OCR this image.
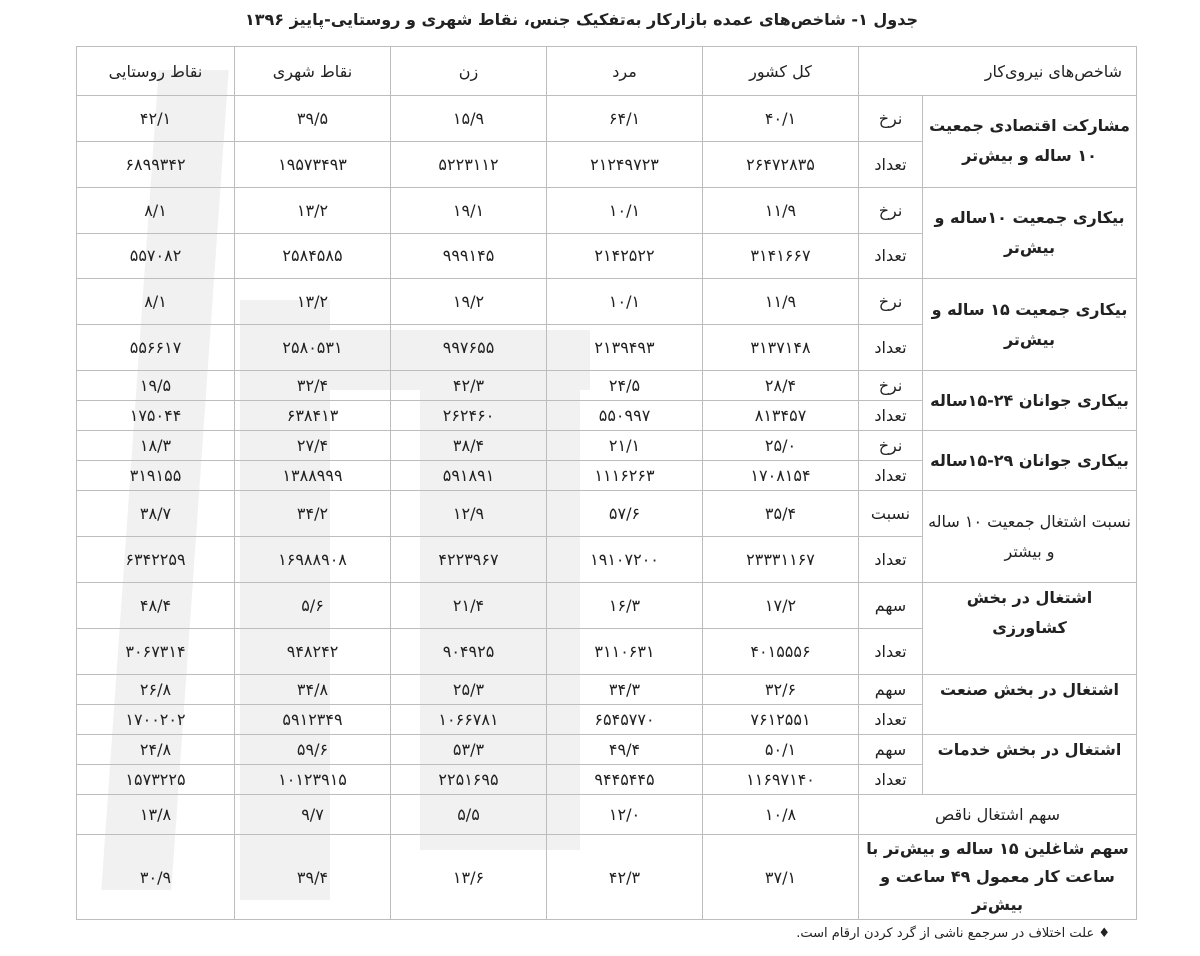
جدول ۱- شاخص‌های عمده بازارکار به‌تفکیک جنس، نقاط شهری و روستایی-پاییز ۱۳۹۶
شاخص‌های نیروی‌کار		کل کشور	مرد	زن	نقاط شهری	نقاط روستایی
مشارکت اقتصادی جمعیت ۱۰ ساله و بیش‌تر	نرخ	۴۰/۱	۶۴/۱	۱۵/۹	۳۹/۵	۴۲/۱
	تعداد	۲۶۴۷۲۸۳۵	۲۱۲۴۹۷۲۳	۵۲۲۳۱۱۲	۱۹۵۷۳۴۹۳	۶۸۹۹۳۴۲
بیکاری جمعیت ۱۰ساله و بیش‌تر	نرخ	۱۱/۹	۱۰/۱	۱۹/۱	۱۳/۲	۸/۱
	تعداد	۳۱۴۱۶۶۷	۲۱۴۲۵۲۲	۹۹۹۱۴۵	۲۵۸۴۵۸۵	۵۵۷۰۸۲
بیکاری جمعیت ۱۵ ساله و بیش‌تر	نرخ	۱۱/۹	۱۰/۱	۱۹/۲	۱۳/۲	۸/۱
	تعداد	۳۱۳۷۱۴۸	۲۱۳۹۴۹۳	۹۹۷۶۵۵	۲۵۸۰۵۳۱	۵۵۶۶۱۷
بیکاری جوانان ۲۴-۱۵ساله	نرخ	۲۸/۴	۲۴/۵	۴۲/۳	۳۲/۴	۱۹/۵
	تعداد	۸۱۳۴۵۷	۵۵۰۹۹۷	۲۶۲۴۶۰	۶۳۸۴۱۳	۱۷۵۰۴۴
بیکاری جوانان ۲۹-۱۵ساله	نرخ	۲۵/۰	۲۱/۱	۳۸/۴	۲۷/۴	۱۸/۳
	تعداد	۱۷۰۸۱۵۴	۱۱۱۶۲۶۳	۵۹۱۸۹۱	۱۳۸۸۹۹۹	۳۱۹۱۵۵
نسبت اشتغال جمعیت ۱۰ ساله و بیشتر	نسبت	۳۵/۴	۵۷/۶	۱۲/۹	۳۴/۲	۳۸/۷
	تعداد	۲۳۳۳۱۱۶۷	۱۹۱۰۷۲۰۰	۴۲۲۳۹۶۷	۱۶۹۸۸۹۰۸	۶۳۴۲۲۵۹
اشتغال در بخش کشاورزی	سهم	۱۷/۲	۱۶/۳	۲۱/۴	۵/۶	۴۸/۴
	تعداد	۴۰۱۵۵۵۶	۳۱۱۰۶۳۱	۹۰۴۹۲۵	۹۴۸۲۴۲	۳۰۶۷۳۱۴
اشتغال در بخش صنعت	سهم	۳۲/۶	۳۴/۳	۲۵/۳	۳۴/۸	۲۶/۸
	تعداد	۷۶۱۲۵۵۱	۶۵۴۵۷۷۰	۱۰۶۶۷۸۱	۵۹۱۲۳۴۹	۱۷۰۰۲۰۲
اشتغال در بخش خدمات	سهم	۵۰/۱	۴۹/۴	۵۳/۳	۵۹/۶	۲۴/۸
	تعداد	۱۱۶۹۷۱۴۰	۹۴۴۵۴۴۵	۲۲۵۱۶۹۵	۱۰۱۲۳۹۱۵	۱۵۷۳۲۲۵
سهم اشتغال ناقص		۱۰/۸	۱۲/۰	۵/۵	۹/۷	۱۳/۸
سهم شاغلین ۱۵ ساله و بیش‌تر با ساعت کار معمول ۴۹ ساعت و بیش‌تر		۳۷/۱	۴۲/۳	۱۳/۶	۳۹/۴	۳۰/۹
♦ علت اختلاف در سرجمع ناشی از گرد کردن ارقام است.
